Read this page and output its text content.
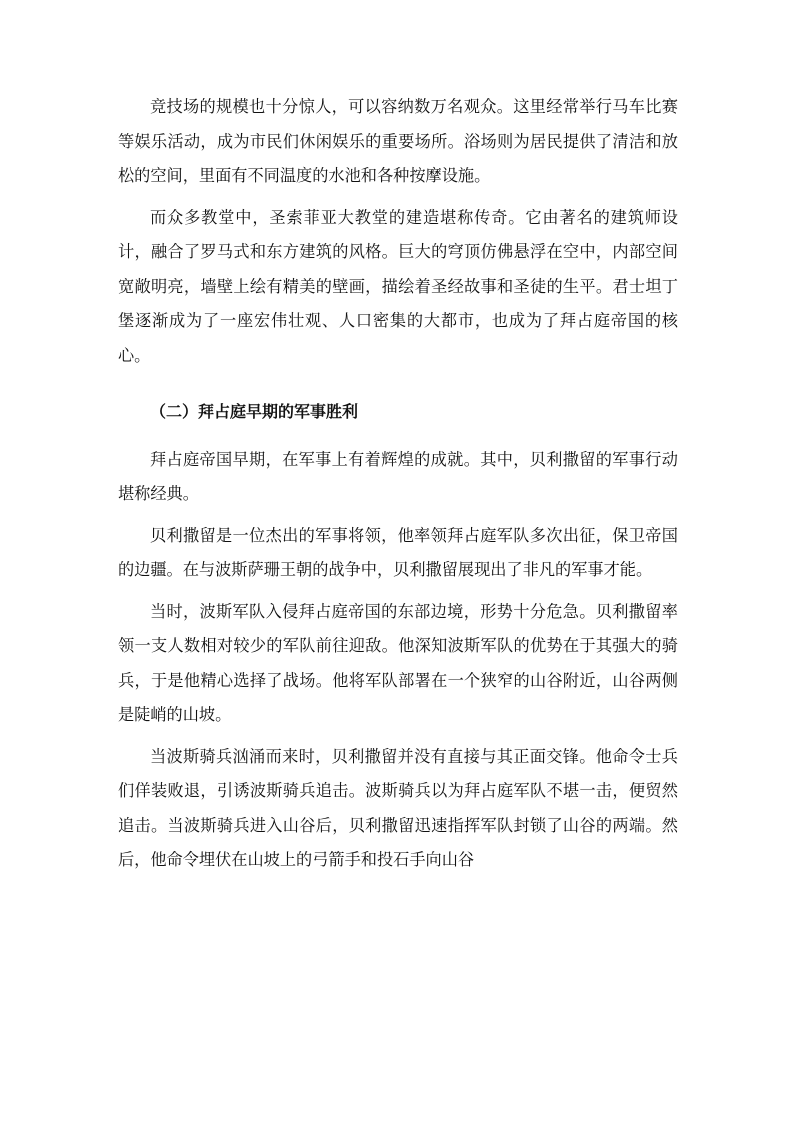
竞技场的规模也十分惊人，可以容纳数万名观众。这里经常举行马车比赛等娱乐活动，成为市民们休闲娱乐的重要场所。浴场则为居民提供了清洁和放松的空间，里面有不同温度的水池和各种按摩设施。

而众多教堂中，圣索菲亚大教堂的建造堪称传奇。它由著名的建筑师设计，融合了罗马式和东方建筑的风格。巨大的穹顶仿佛悬浮在空中，内部空间宽敞明亮，墙壁上绘有精美的壁画，描绘着圣经故事和圣徒的生平。君士坦丁堡逐渐成为了一座宏伟壮观、人口密集的大都市，也成为了拜占庭帝国的核心。

（二）拜占庭早期的军事胜利

拜占庭帝国早期，在军事上有着辉煌的成就。其中，贝利撒留的军事行动堪称经典。

贝利撒留是一位杰出的军事将领，他率领拜占庭军队多次出征，保卫帝国的边疆。在与波斯萨珊王朝的战争中，贝利撒留展现出了非凡的军事才能。

当时，波斯军队入侵拜占庭帝国的东部边境，形势十分危急。贝利撒留率领一支人数相对较少的军队前往迎敌。他深知波斯军队的优势在于其强大的骑兵，于是他精心选择了战场。他将军队部署在一个狭窄的山谷附近，山谷两侧是陡峭的山坡。

当波斯骑兵汹涌而来时，贝利撒留并没有直接与其正面交锋。他命令士兵们佯装败退，引诱波斯骑兵追击。波斯骑兵以为拜占庭军队不堪一击，便贸然追击。当波斯骑兵进入山谷后，贝利撒留迅速指挥军队封锁了山谷的两端。然后，他命令埋伏在山坡上的弓箭手和投石手向山谷
